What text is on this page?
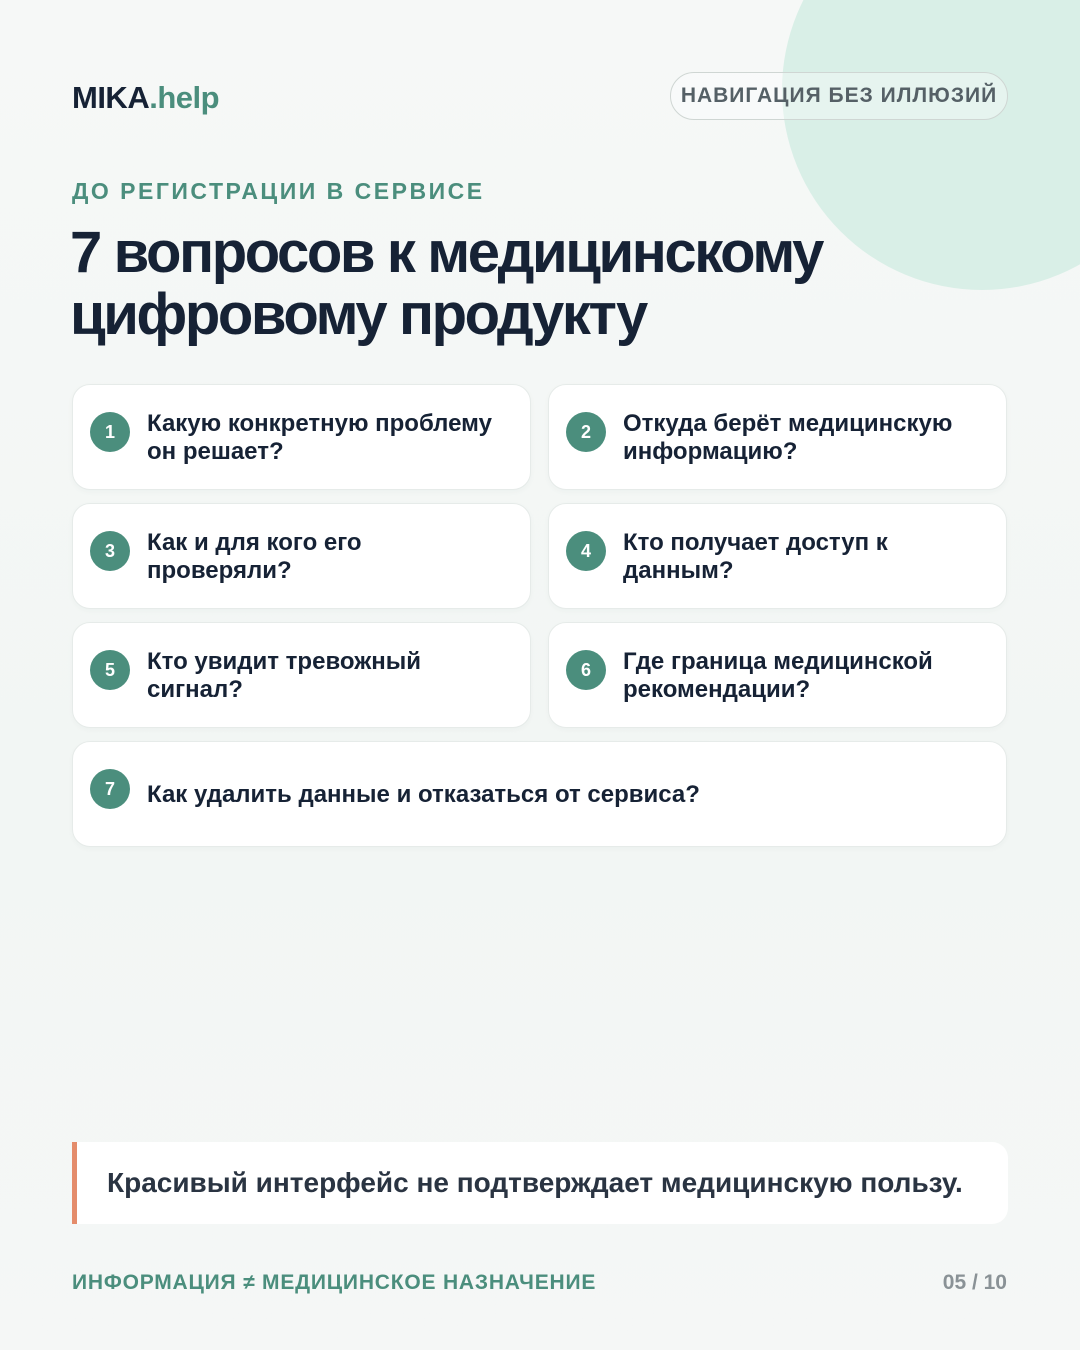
MIKA.help	НАВИГАЦИЯ БЕЗ ИЛЛЮЗИЙ
ДО РЕГИСТРАЦИИ В СЕРВИСЕ
7 вопросов к медицинскому цифровому продукту
1	Какую конкретную проблему он решает?
2	Откуда берёт медицинскую информацию?
3	Как и для кого его проверяли?
4	Кто получает доступ к данным?
5	Кто увидит тревожный сигнал?
6	Где граница медицинской рекомендации?
7	Как удалить данные и отказаться от сервиса?
Красивый интерфейс не подтверждает медицинскую пользу.
ИНФОРМАЦИЯ ≠ МЕДИЦИНСКОЕ НАЗНАЧЕНИЕ	05 / 10
